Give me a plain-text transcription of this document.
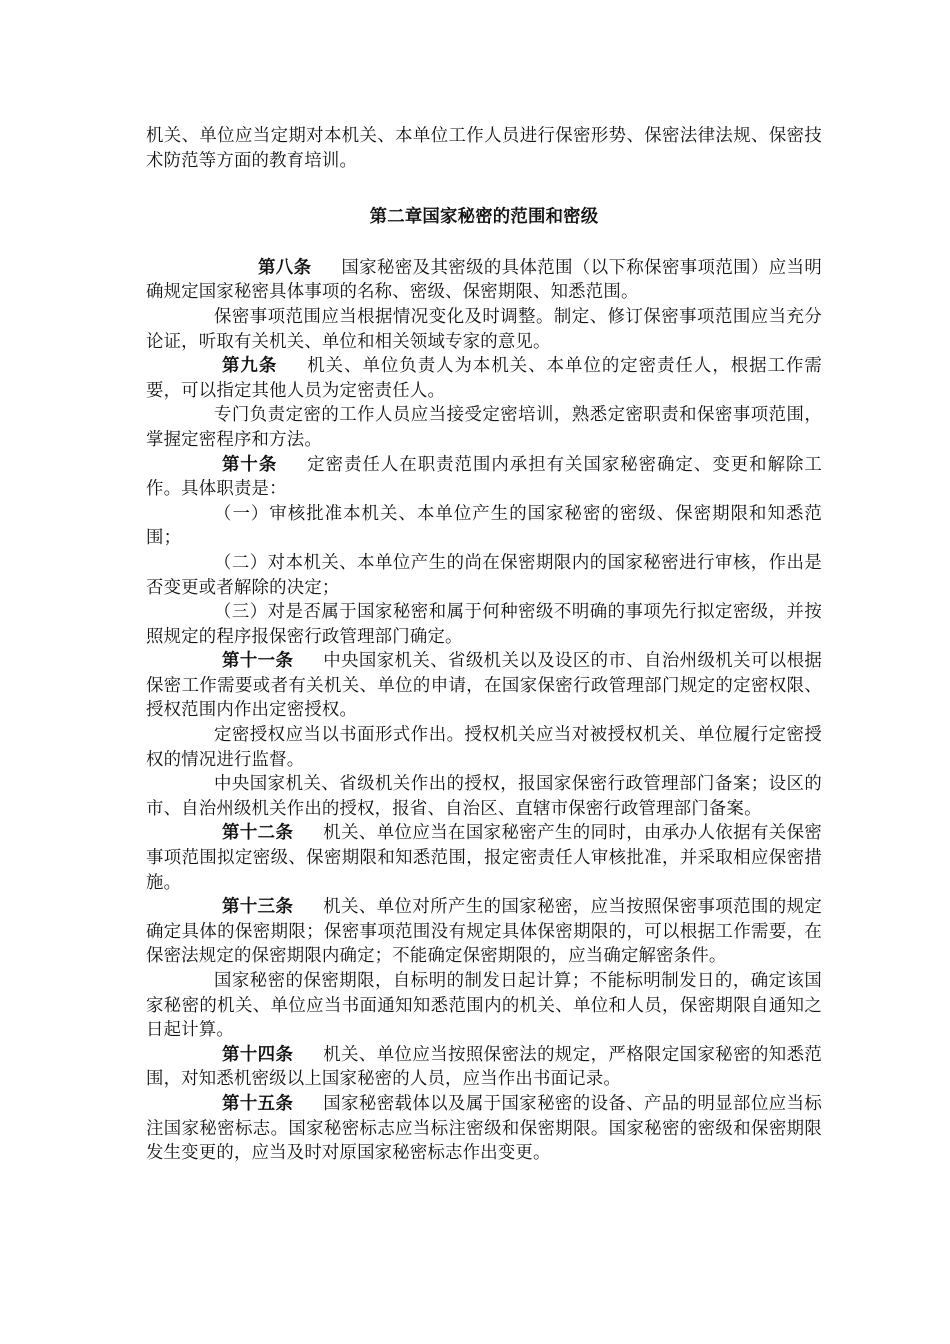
机关、单位应当定期对本机关、本单位工作人员进行保密形势、保密法律法规、保密技术防范等方面的教育培训。

第二章国家秘密的范围和密级

第八条 国家秘密及其密级的具体范围（以下称保密事项范围）应当明确规定国家秘密具体事项的名称、密级、保密期限、知悉范围。

保密事项范围应当根据情况变化及时调整。制定、修订保密事项范围应当充分论证，听取有关机关、单位和相关领域专家的意见。

第九条 机关、单位负责人为本机关、本单位的定密责任人，根据工作需要，可以指定其他人员为定密责任人。

专门负责定密的工作人员应当接受定密培训，熟悉定密职责和保密事项范围，掌握定密程序和方法。

第十条 定密责任人在职责范围内承担有关国家秘密确定、变更和解除工作。具体职责是：

（一）审核批准本机关、本单位产生的国家秘密的密级、保密期限和知悉范围；

（二）对本机关、本单位产生的尚在保密期限内的国家秘密进行审核，作出是否变更或者解除的决定；

（三）对是否属于国家秘密和属于何种密级不明确的事项先行拟定密级，并按照规定的程序报保密行政管理部门确定。

第十一条 中央国家机关、省级机关以及设区的市、自治州级机关可以根据保密工作需要或者有关机关、单位的申请，在国家保密行政管理部门规定的定密权限、授权范围内作出定密授权。

定密授权应当以书面形式作出。授权机关应当对被授权机关、单位履行定密授权的情况进行监督。

中央国家机关、省级机关作出的授权，报国家保密行政管理部门备案；设区的市、自治州级机关作出的授权，报省、自治区、直辖市保密行政管理部门备案。

第十二条 机关、单位应当在国家秘密产生的同时，由承办人依据有关保密事项范围拟定密级、保密期限和知悉范围，报定密责任人审核批准，并采取相应保密措施。

第十三条 机关、单位对所产生的国家秘密，应当按照保密事项范围的规定确定具体的保密期限；保密事项范围没有规定具体保密期限的，可以根据工作需要，在保密法规定的保密期限内确定；不能确定保密期限的，应当确定解密条件。

国家秘密的保密期限，自标明的制发日起计算；不能标明制发日的，确定该国家秘密的机关、单位应当书面通知知悉范围内的机关、单位和人员，保密期限自通知之日起计算。

第十四条 机关、单位应当按照保密法的规定，严格限定国家秘密的知悉范围，对知悉机密级以上国家秘密的人员，应当作出书面记录。

第十五条 国家秘密载体以及属于国家秘密的设备、产品的明显部位应当标注国家秘密标志。国家秘密标志应当标注密级和保密期限。国家秘密的密级和保密期限发生变更的，应当及时对原国家秘密标志作出变更。
